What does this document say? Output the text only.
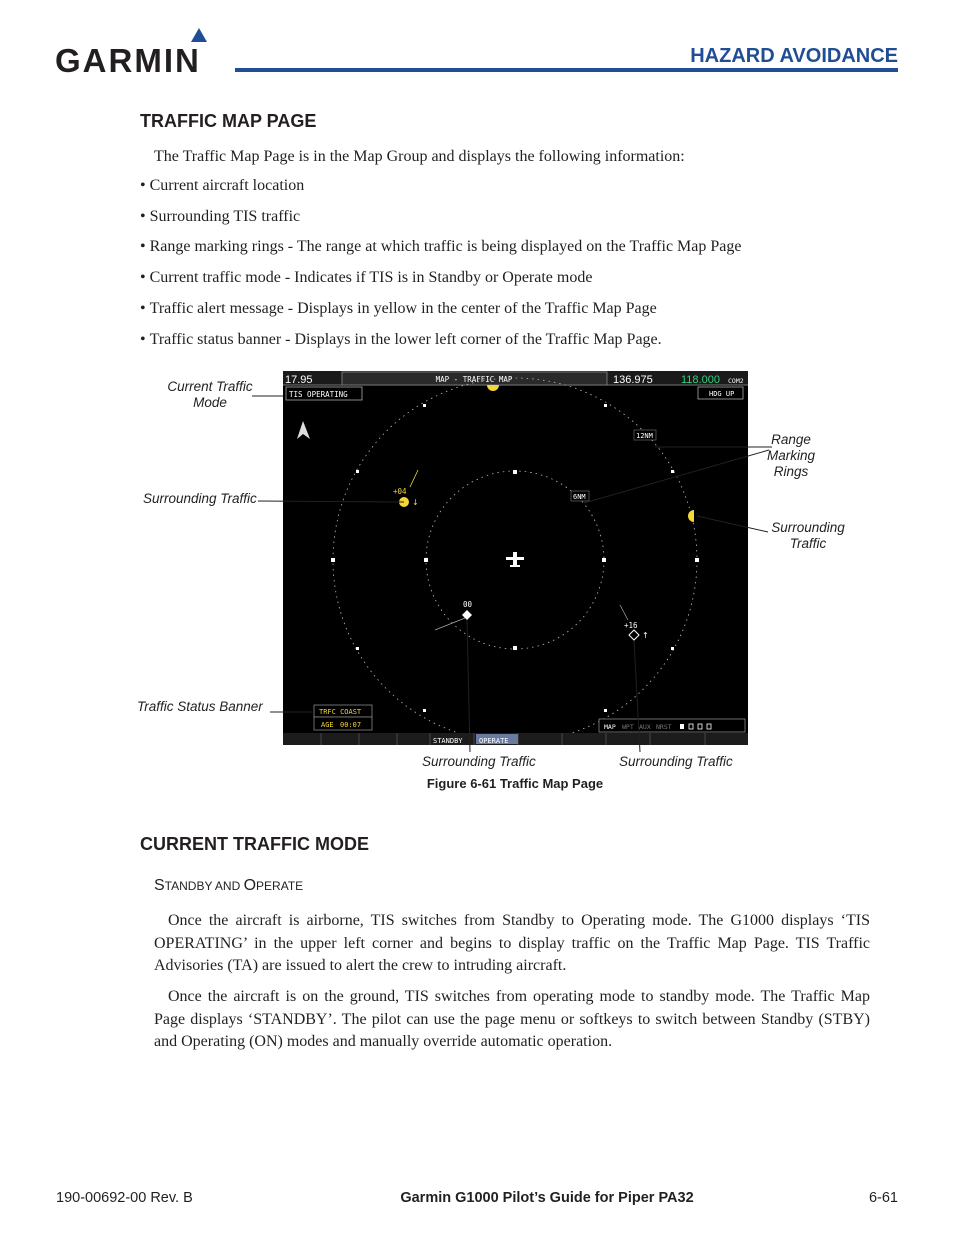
GARMIN	HAZARD AVOIDANCE
TRAFFIC MAP PAGE
The Traffic Map Page is in the Map Group and displays the following information:
• Current aircraft location
• Surrounding TIS traffic
• Range marking rings - The range at which traffic is being displayed on the Traffic Map Page
• Current traffic mode - Indicates if TIS is in Standby or Operate mode
• Traffic alert message - Displays in yellow in the center of the Traffic Map Page
• Traffic status banner - Displays in the lower left corner of the Traffic Map Page.
17.95	MAP - TRAFFIC MAP	136.975	118.000 COM2
TIS OPERATING	HDG UP
12NM
6NM
+04
↓
00
+16
↑
TRFC COAST
AGE 00:07	MAP WPT AUX NRST
STANDBY OPERATE
Current Traffic
Mode
Surrounding Traffic
Range
Marking
Rings
Surrounding
Traffic
Traffic Status Banner
Surrounding Traffic	Surrounding Traffic
Figure 6-61 Traffic Map Page
CURRENT TRAFFIC MODE
STANDBY AND OPERATE
Once the aircraft is airborne, TIS switches from Standby to Operating mode. The G1000 displays ‘TIS OPERATING’ in the upper left corner and begins to display traffic on the Traffic Map Page. TIS Traffic Advisories (TA) are issued to alert the crew to intruding aircraft.
Once the aircraft is on the ground, TIS switches from operating mode to standby mode. The Traffic Map Page displays ‘STANDBY’. The pilot can use the page menu or softkeys to switch between Standby (STBY) and Operating (ON) modes and manually override automatic operation.
190-00692-00 Rev. B	Garmin G1000 Pilot’s Guide for Piper PA32	6-61
